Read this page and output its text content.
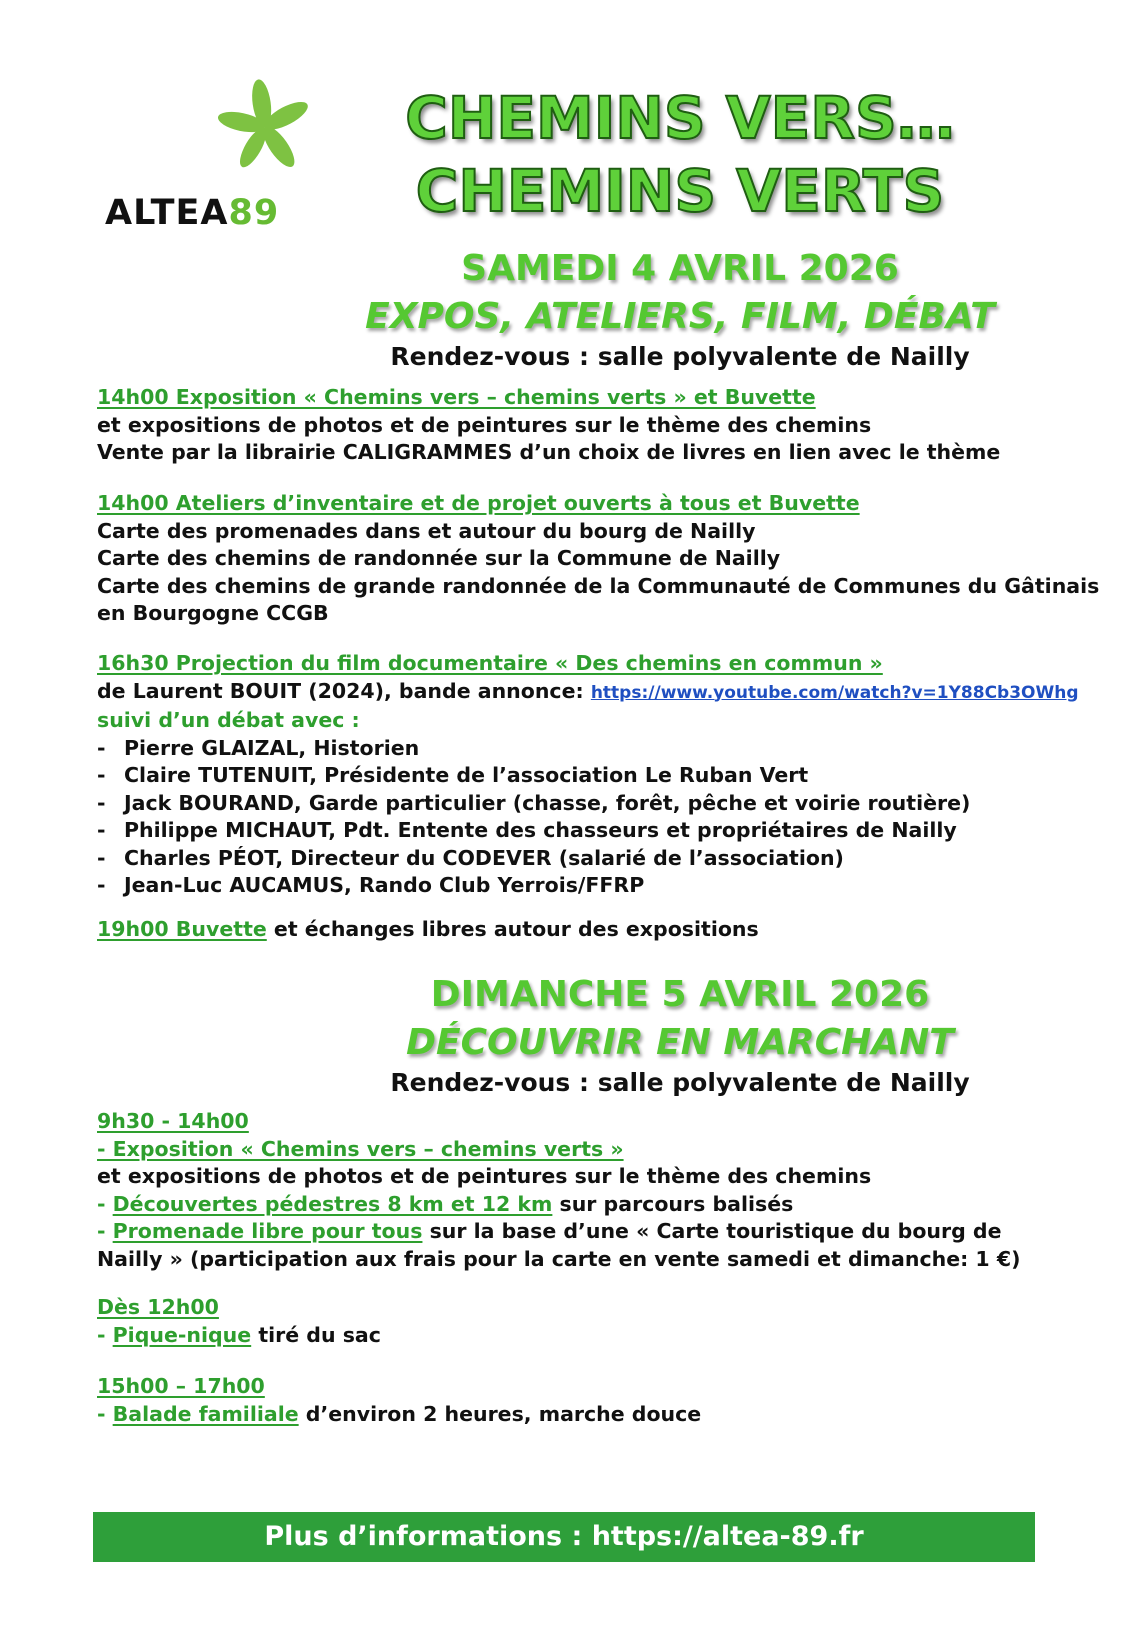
ALTEA89
CHEMINS VERS…
CHEMINS VERTS
SAMEDI 4 AVRIL 2026
EXPOS, ATELIERS, FILM, DÉBAT
Rendez-vous : salle polyvalente de Nailly
14h00 Exposition « Chemins vers – chemins verts » et Buvette
et expositions de photos et de peintures sur le thème des chemins
Vente par la librairie CALIGRAMMES d’un choix de livres en lien avec le thème
14h00 Ateliers d’inventaire et de projet ouverts à tous et Buvette
Carte des promenades dans et autour du bourg de Nailly
Carte des chemins de randonnée sur la Commune de Nailly
Carte des chemins de grande randonnée de la Communauté de Communes du Gâtinais
en Bourgogne CCGB
16h30 Projection du film documentaire « Des chemins en commun »
de Laurent BOUIT (2024), bande annonce: https://www.youtube.com/watch?v=1Y88Cb3OWhg
suivi d’un débat avec :
- Pierre GLAIZAL, Historien
- Claire TUTENUIT, Présidente de l’association Le Ruban Vert
- Jack BOURAND, Garde particulier (chasse, forêt, pêche et voirie routière)
- Philippe MICHAUT, Pdt. Entente des chasseurs et propriétaires de Nailly
- Charles PÉOT, Directeur du CODEVER (salarié de l’association)
- Jean-Luc AUCAMUS, Rando Club Yerrois/FFRP
19h00 Buvette et échanges libres autour des expositions
DIMANCHE 5 AVRIL 2026
DÉCOUVRIR EN MARCHANT
Rendez-vous : salle polyvalente de Nailly
9h30 - 14h00
- Exposition « Chemins vers – chemins verts »
et expositions de photos et de peintures sur le thème des chemins
- Découvertes pédestres 8 km et 12 km sur parcours balisés
- Promenade libre pour tous sur la base d’une « Carte touristique du bourg de
Nailly » (participation aux frais pour la carte en vente samedi et dimanche: 1 €)
Dès 12h00
- Pique-nique tiré du sac
15h00 – 17h00
- Balade familiale d’environ 2 heures, marche douce
Plus d’informations : https://altea-89.fr
